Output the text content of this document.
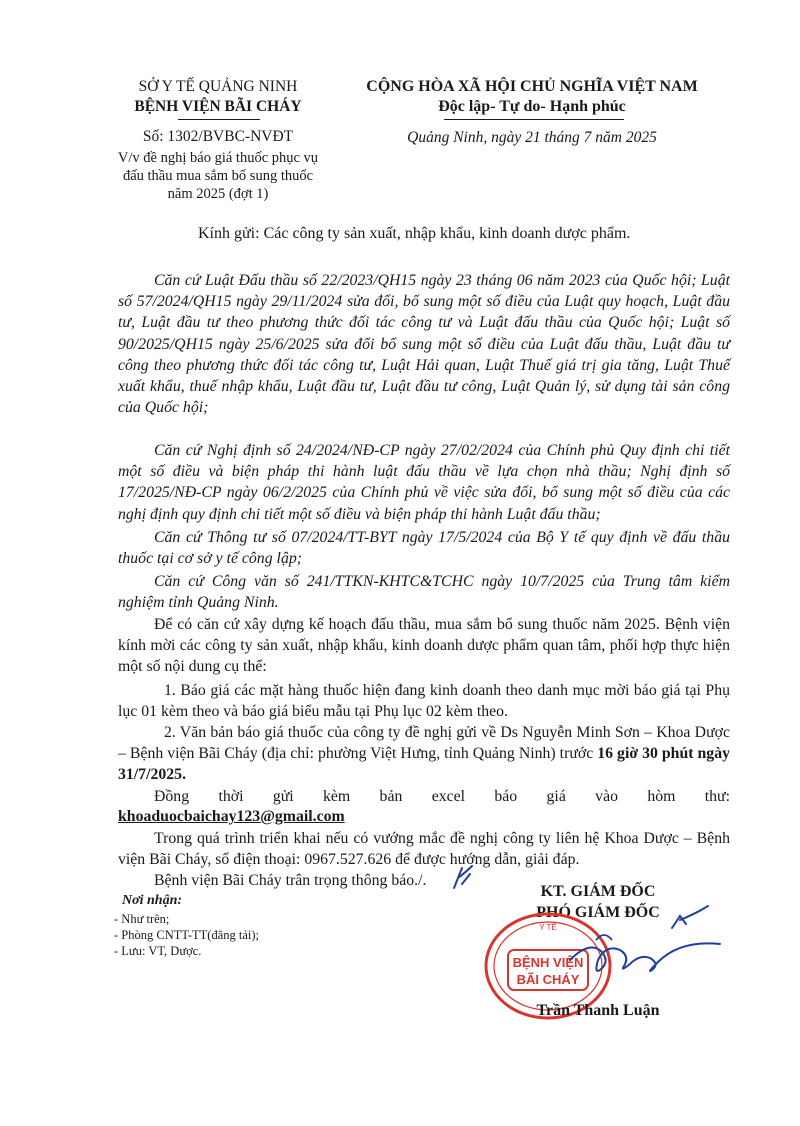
SỞ Y TẾ QUẢNG NINH
BỆNH VIỆN BÃI CHÁY
Số: 1302/BVBC-NVĐT
V/v đề nghị báo giá thuốc phục vụ
đấu thầu mua sắm bổ sung thuốc
năm 2025 (đợt 1)
CỘNG HÒA XÃ HỘI CHỦ NGHĨA VIỆT NAM
Độc lập- Tự do- Hạnh phúc
Quảng Ninh, ngày 21 tháng 7 năm 2025
Kính gửi: Các công ty sản xuất, nhập khẩu, kinh doanh dược phẩm.
Căn cứ Luật Đấu thầu số 22/2023/QH15 ngày 23 tháng 06 năm 2023 của Quốc hội; Luật số 57/2024/QH15 ngày 29/11/2024 sửa đổi, bổ sung một số điều của Luật quy hoạch, Luật đầu tư, Luật đầu tư theo phương thức đối tác công tư và Luật đấu thầu của Quốc hội; Luật số 90/2025/QH15 ngày 25/6/2025 sửa đổi bổ sung một số điều của Luật đấu thầu, Luật đầu tư công theo phương thức đối tác công tư, Luật Hải quan, Luật Thuế giá trị gia tăng, Luật Thuế xuất khẩu, thuế nhập khẩu, Luật đầu tư, Luật đầu tư công, Luật Quản lý, sử dụng tài sản công của Quốc hội;
Căn cứ Nghị định số 24/2024/NĐ-CP ngày 27/02/2024 của Chính phủ Quy định chi tiết một số điều và biện pháp thi hành luật đấu thầu về lựa chọn nhà thầu; Nghị định số 17/2025/NĐ-CP ngày 06/2/2025 của Chính phủ về việc sửa đổi, bổ sung một số điều của các nghị định quy định chi tiết một số điều và biện pháp thi hành Luật đấu thầu;
Căn cứ Thông tư số 07/2024/TT-BYT ngày 17/5/2024 của Bộ Y tế quy định về đấu thầu thuốc tại cơ sở y tế công lập;
Căn cứ Công văn số 241/TTKN-KHTC&TCHC ngày 10/7/2025 của Trung tâm kiểm nghiệm tỉnh Quảng Ninh.
Để có căn cứ xây dựng kế hoạch đấu thầu, mua sắm bổ sung thuốc năm 2025. Bệnh viện kính mời các công ty sản xuất, nhập khẩu, kinh doanh dược phẩm quan tâm, phối hợp thực hiện một số nội dung cụ thể:
1. Báo giá các mặt hàng thuốc hiện đang kinh doanh theo danh mục mời báo giá tại Phụ lục 01 kèm theo và báo giá biểu mẫu tại Phụ lục 02 kèm theo.
2. Văn bản báo giá thuốc của công ty đề nghị gửi về Ds Nguyễn Minh Sơn – Khoa Dược – Bệnh viện Bãi Cháy (địa chỉ: phường Việt Hưng, tỉnh Quảng Ninh) trước 16 giờ 30 phút ngày 31/7/2025.
Đồng thời gửi kèm bản excel báo giá vào hòm thư:
khoaduocbaichay123@gmail.com
Trong quá trình triển khai nếu có vướng mắc đề nghị công ty liên hệ Khoa Dược – Bệnh viện Bãi Cháy, số điện thoại: 0967.527.626 để được hướng dẫn, giải đáp.
Bệnh viện Bãi Cháy trân trọng thông báo./.
Nơi nhận:
- Như trên;
- Phòng CNTT-TT(đăng tải);
- Lưu: VT, Dược.
KT. GIÁM ĐỐC
PHÓ GIÁM ĐỐC
BỆNH VIỆN
BÃI CHÁY
Y TẾ
Trần Thanh Luận
